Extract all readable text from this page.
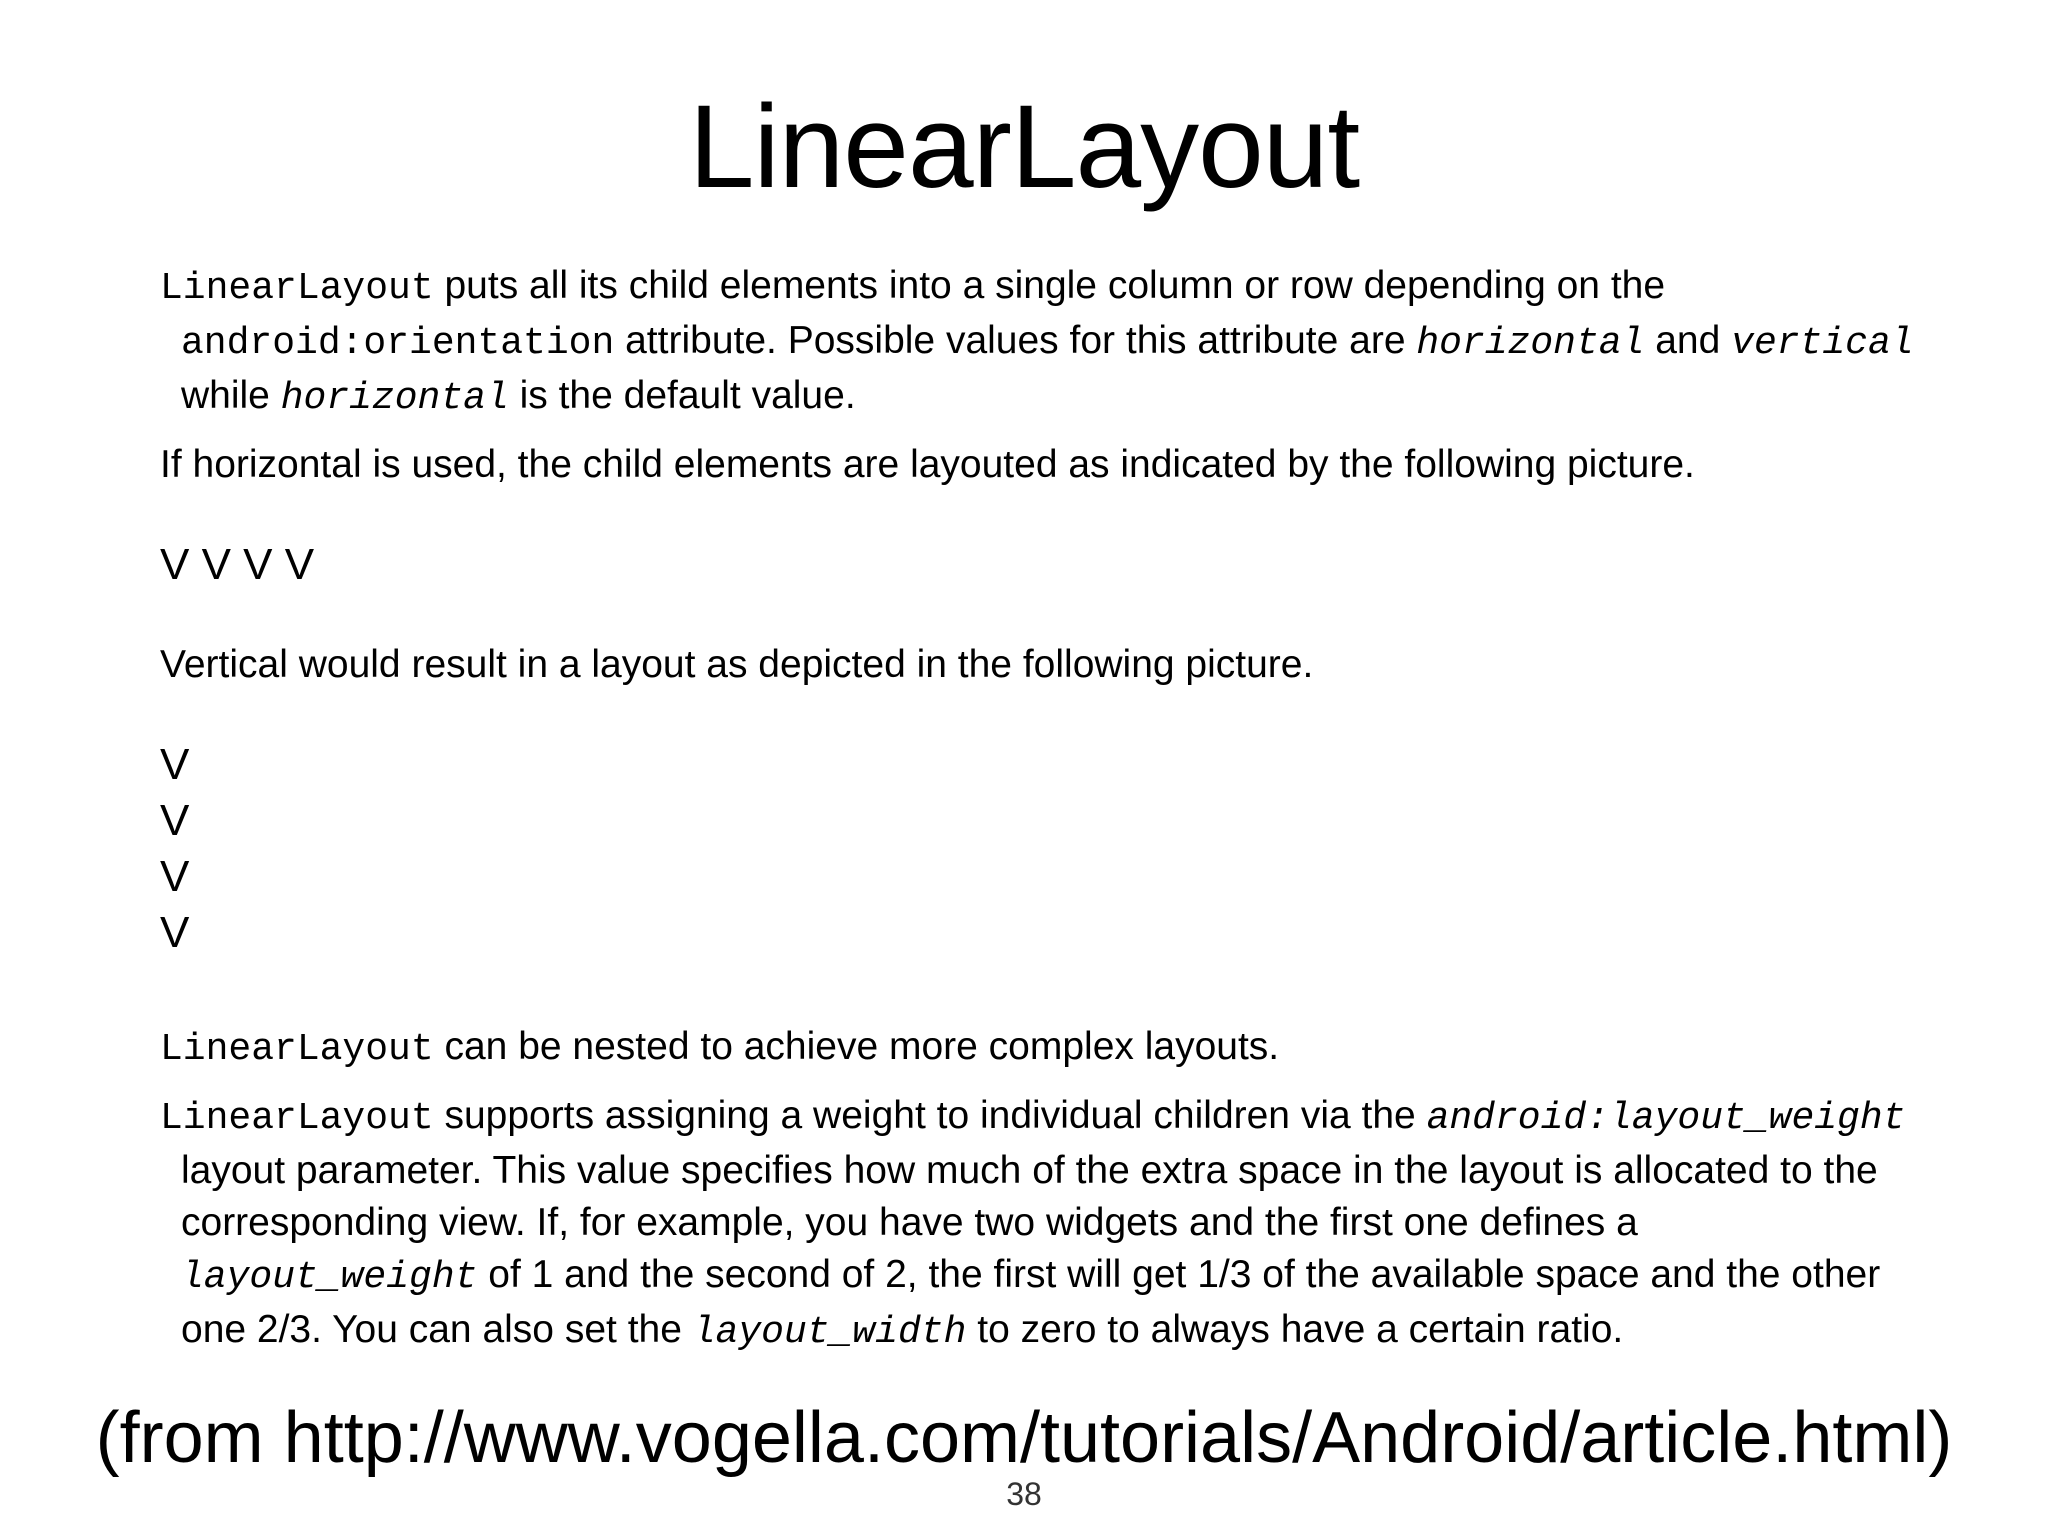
LinearLayout

LinearLayout puts all its child elements into a single column or row depending on the android:orientation attribute. Possible values for this attribute are horizontal and vertical while horizontal is the default value.

If horizontal is used, the child elements are layouted as indicated by the following picture.

V V V V

Vertical would result in a layout as depicted in the following picture.

V
V
V
V

LinearLayout can be nested to achieve more complex layouts.

LinearLayout supports assigning a weight to individual children via the android:layout_weight layout parameter. This value specifies how much of the extra space in the layout is allocated to the corresponding view. If, for example, you have two widgets and the first one defines a layout_weight of 1 and the second of 2, the first will get 1/3 of the available space and the other one 2/3. You can also set the layout_width to zero to always have a certain ratio.

(from http://www.vogella.com/tutorials/Android/article.html)
38
